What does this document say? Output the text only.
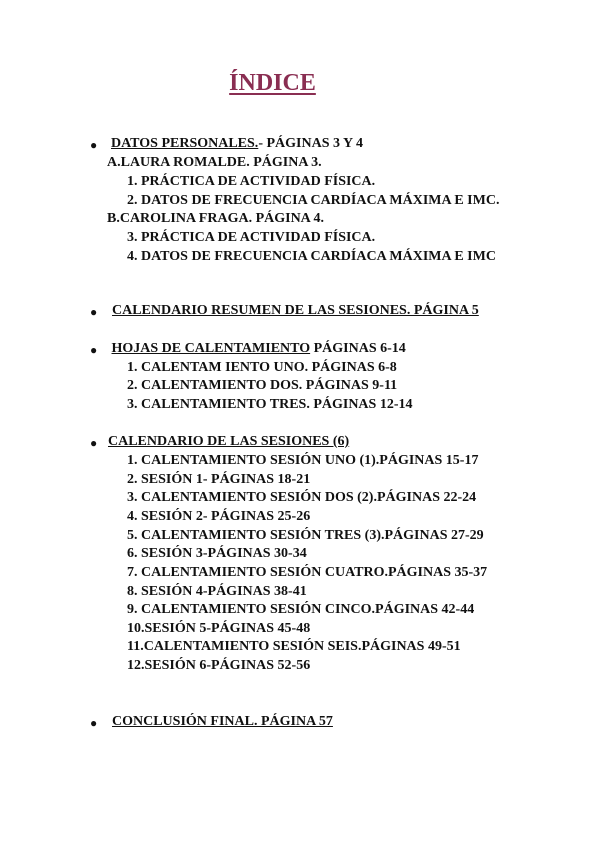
ÍNDICE
● DATOS PERSONALES.- PÁGINAS 3 Y 4
A.LAURA ROMALDE. PÁGINA 3.
1. PRÁCTICA DE ACTIVIDAD FÍSICA.
2. DATOS DE FRECUENCIA CARDÍACA MÁXIMA E IMC.
B.CAROLINA FRAGA. PÁGINA 4.
3. PRÁCTICA DE ACTIVIDAD FÍSICA.
4. DATOS DE FRECUENCIA CARDÍACA MÁXIMA E IMC
● CALENDARIO RESUMEN DE LAS SESIONES. PÁGINA 5
● HOJAS DE CALENTAMIENTO PÁGINAS 6-14
1. CALENTAM IENTO UNO. PÁGINAS 6-8
2. CALENTAMIENTO DOS. PÁGINAS 9-11
3. CALENTAMIENTO TRES. PÁGINAS 12-14
● CALENDARIO DE LAS SESIONES (6)
1. CALENTAMIENTO SESIÓN UNO (1).PÁGINAS 15-17
2. SESIÓN 1- PÁGINAS 18-21
3. CALENTAMIENTO SESIÓN DOS (2).PÁGINAS 22-24
4. SESIÓN 2- PÁGINAS 25-26
5. CALENTAMIENTO SESIÓN TRES (3).PÁGINAS 27-29
6. SESIÓN 3-PÁGINAS 30-34
7. CALENTAMIENTO SESIÓN CUATRO.PÁGINAS 35-37
8. SESIÓN 4-PÁGINAS 38-41
9. CALENTAMIENTO SESIÓN CINCO.PÁGINAS 42-44
10.SESIÓN 5-PÁGINAS 45-48
11.CALENTAMIENTO SESIÓN SEIS.PÁGINAS 49-51
12.SESIÓN 6-PÁGINAS 52-56
● CONCLUSIÓN FINAL. PÁGINA 57
